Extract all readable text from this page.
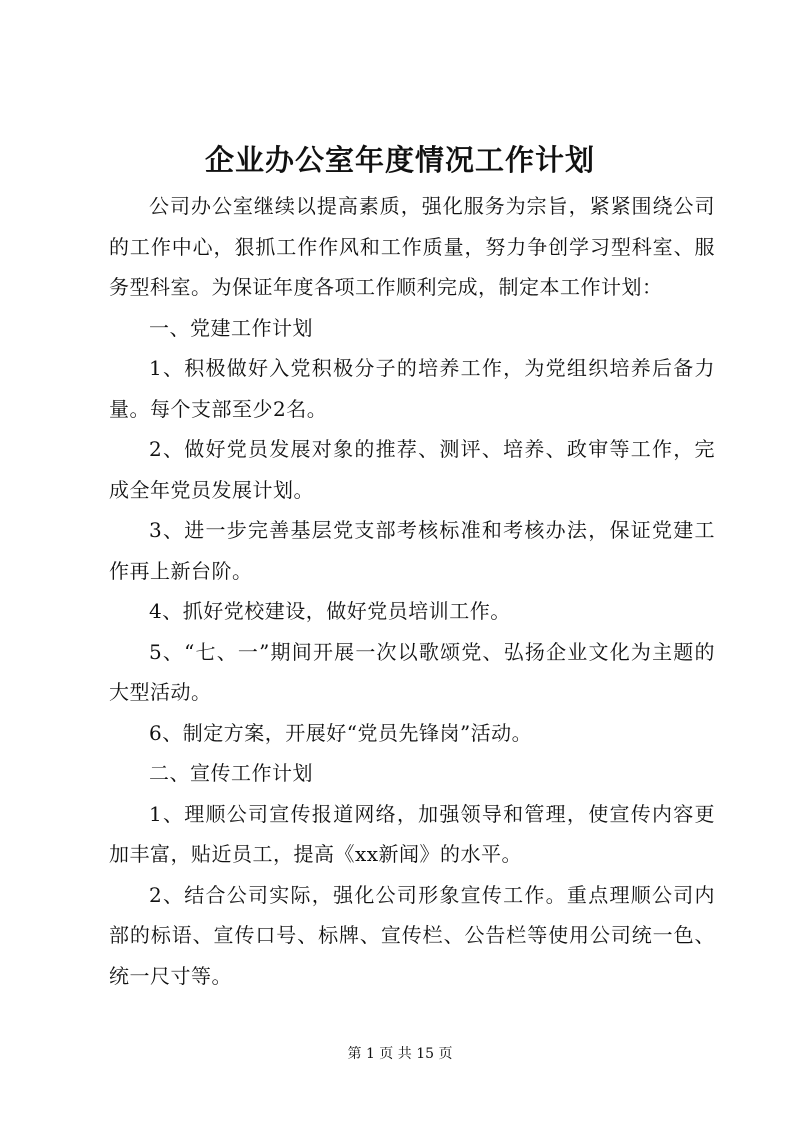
企业办公室年度情况工作计划

公司办公室继续以提高素质，强化服务为宗旨，紧紧围绕公司的工作中心，狠抓工作作风和工作质量，努力争创学习型科室、服务型科室。为保证年度各项工作顺利完成，制定本工作计划：

一、党建工作计划

1、积极做好入党积极分子的培养工作，为党组织培养后备力量。每个支部至少2名。

2、做好党员发展对象的推荐、测评、培养、政审等工作，完成全年党员发展计划。

3、进一步完善基层党支部考核标准和考核办法，保证党建工作再上新台阶。

4、抓好党校建设，做好党员培训工作。

5、“七、一”期间开展一次以歌颂党、弘扬企业文化为主题的大型活动。

6、制定方案，开展好“党员先锋岗”活动。

二、宣传工作计划

1、理顺公司宣传报道网络，加强领导和管理，使宣传内容更加丰富，贴近员工，提高《xx新闻》的水平。

2、结合公司实际，强化公司形象宣传工作。重点理顺公司内部的标语、宣传口号、标牌、宣传栏、公告栏等使用公司统一色、统一尺寸等。

第 1 页 共 15 页
